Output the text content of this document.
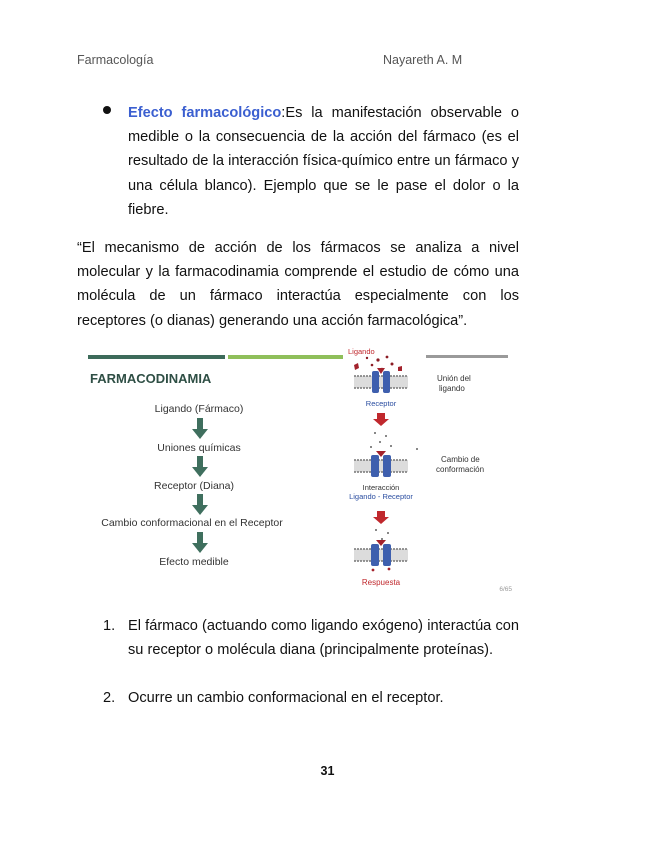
Farmacología	Nayareth A. M
Efecto farmacológico:Es la manifestación observable o medible o la consecuencia de la acción del fármaco (es el resultado de la interacción física-químico entre un fármaco y una célula blanco). Ejemplo que se le pase el dolor o la fiebre.
“El mecanismo de acción de los fármacos se analiza a nivel molecular y la farmacodinamia comprende el estudio de cómo una molécula de un fármaco interactúa especialmente con los receptores (o dianas) generando una acción farmacológica”.
FARMACODINAMIA
Ligando (Fármaco)
Uniones químicas
Receptor (Diana)
Cambio conformacional en el Receptor
Efecto medible
Ligando
Receptor
Unión del
ligando
Cambio de
conformación
Interacción
Ligando - Receptor
Respuesta
6/65
1. El fármaco (actuando como ligando exógeno) interactúa con su receptor o molécula diana (principalmente proteínas).
2. Ocurre un cambio conformacional en el receptor.
31
